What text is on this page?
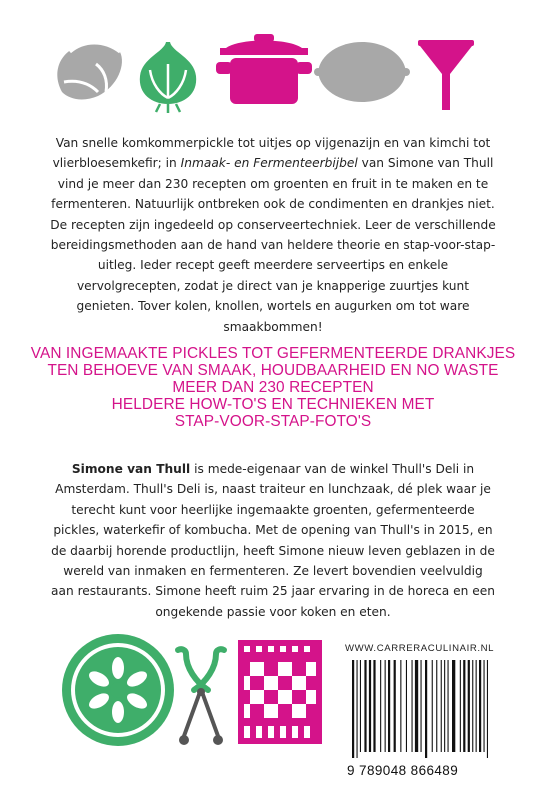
Van snelle komkommerpickle tot uitjes op vijgenazijn en van kimchi tot vlierbloesemkefir; in Inmaak- en Fermenteerbijbel van Simone van Thull vind je meer dan 230 recepten om groenten en fruit in te maken en te fermenteren. Natuurlijk ontbreken ook de condimenten en drankjes niet. De recepten zijn ingedeeld op conserveertechniek. Leer de verschillende bereidingsmethoden aan de hand van heldere theorie en stap-voor-stap-uitleg. Ieder recept geeft meerdere serveertips en enkele vervolgrecepten, zodat je direct van je knapperige zuurtjes kunt genieten. Tover kolen, knollen, wortels en augurken om tot ware smaakbommen!

VAN INGEMAAKTE PICKLES TOT GEFERMENTEERDE DRANKJES
TEN BEHOEVE VAN SMAAK, HOUDBAARHEID EN NO WASTE
MEER DAN 230 RECEPTEN
HELDERE HOW-TO'S EN TECHNIEKEN MET
STAP-VOOR-STAP-FOTO'S
Simone van Thull is mede-eigenaar van de winkel Thull's Deli in Amsterdam. Thull's Deli is, naast traiteur en lunchzaak, dé plek waar je terecht kunt voor heerlijke ingemaakte groenten, gefermenteerde pickles, waterkefir of kombucha. Met de opening van Thull's in 2015, en de daarbij horende productlijn, heeft Simone nieuw leven geblazen in de wereld van inmaken en fermenteren. Ze levert bovendien veelvuldig aan restaurants. Simone heeft ruim 25 jaar ervaring in de horeca en een ongekende passie voor koken en eten.
WWW.CARRERACULINAIR.NL
9 789048 866489
